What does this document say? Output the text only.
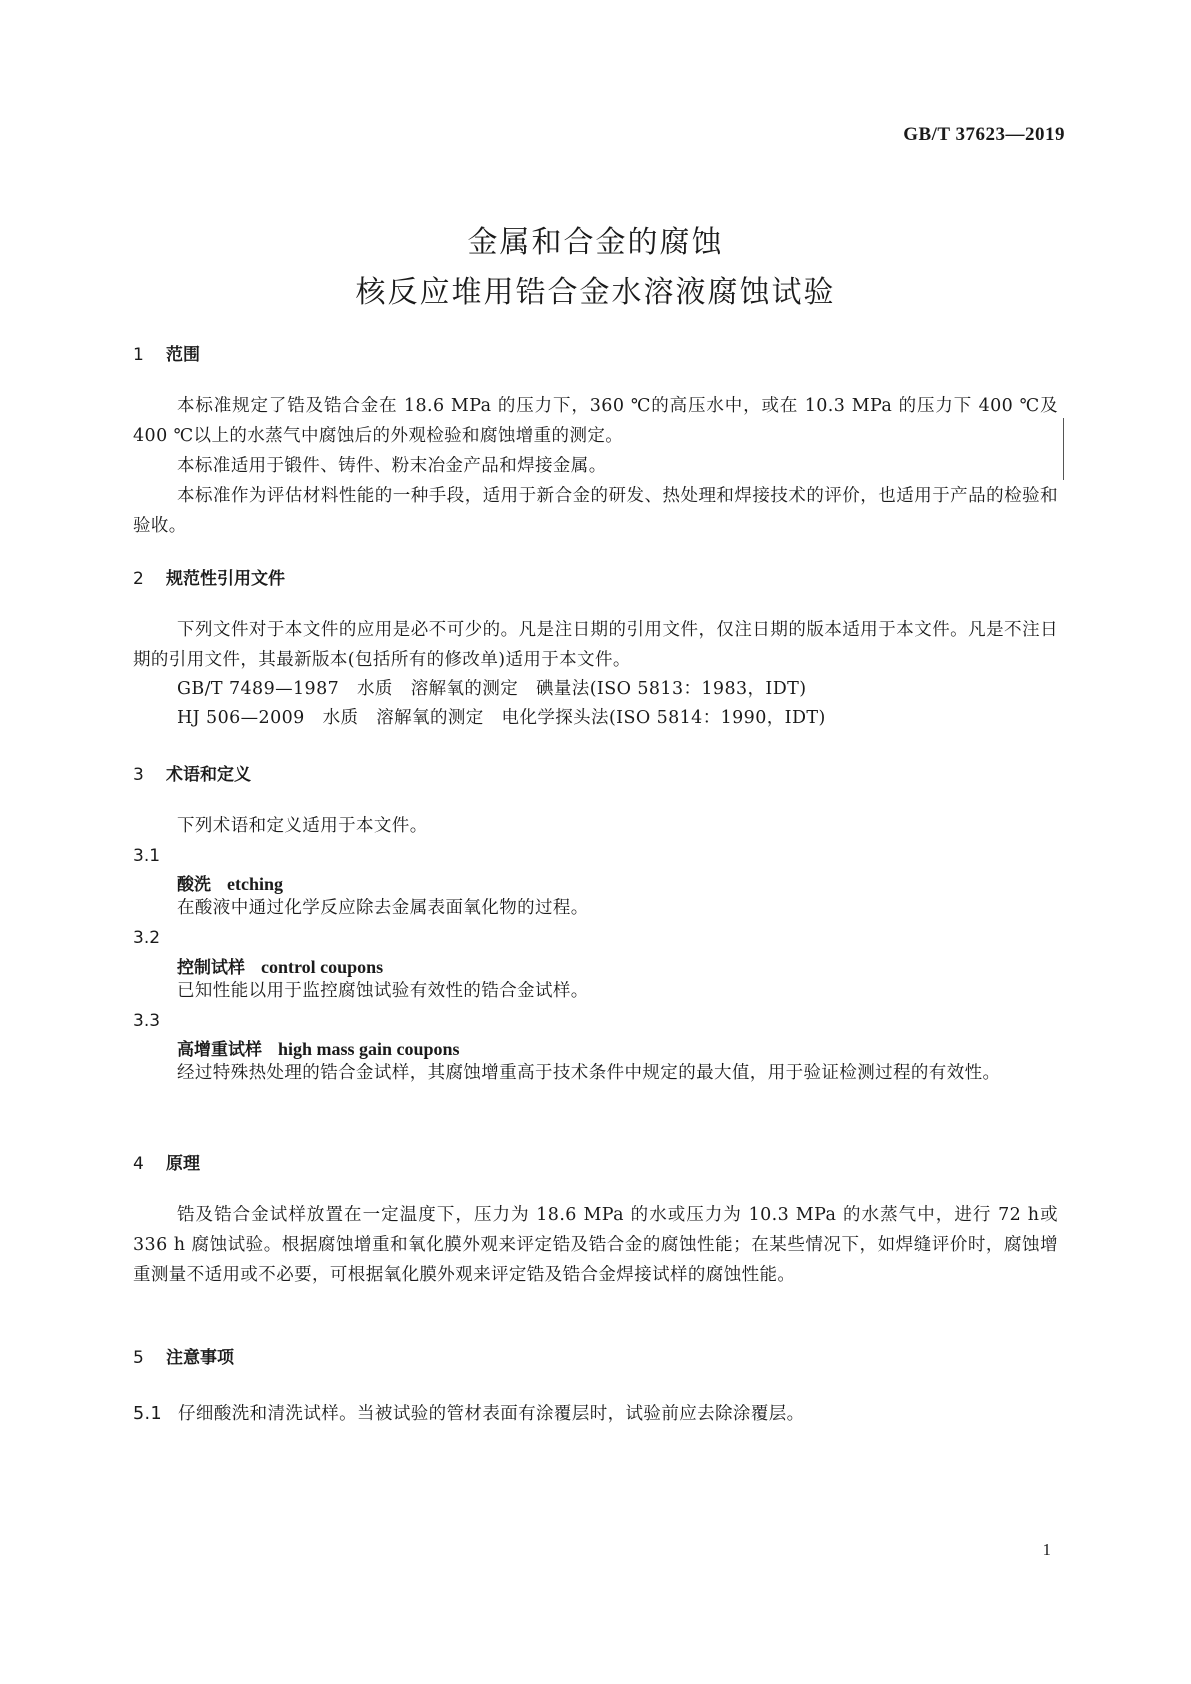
GB/T 37623—2019
金属和合金的腐蚀
核反应堆用锆合金水溶液腐蚀试验
1 范围
本标准规定了锆及锆合金在 18.6 MPa 的压力下，360 ℃的高压水中，或在 10.3 MPa 的压力下 400 ℃及 400 ℃以上的水蒸气中腐蚀后的外观检验和腐蚀增重的测定。
本标准适用于锻件、铸件、粉末冶金产品和焊接金属。
本标准作为评估材料性能的一种手段，适用于新合金的研发、热处理和焊接技术的评价，也适用于产品的检验和验收。
2 规范性引用文件
下列文件对于本文件的应用是必不可少的。凡是注日期的引用文件，仅注日期的版本适用于本文件。凡是不注日期的引用文件，其最新版本(包括所有的修改单)适用于本文件。
GB/T 7489—1987   水质   溶解氧的测定   碘量法(ISO 5813：1983，IDT)
HJ 506—2009   水质   溶解氧的测定   电化学探头法(ISO 5814：1990，IDT)
3 术语和定义
下列术语和定义适用于本文件。
3.1
酸洗 etching
在酸液中通过化学反应除去金属表面氧化物的过程。
3.2
控制试样 control coupons
已知性能以用于监控腐蚀试验有效性的锆合金试样。
3.3
高增重试样 high mass gain coupons
经过特殊热处理的锆合金试样，其腐蚀增重高于技术条件中规定的最大值，用于验证检测过程的有效性。
4 原理
锆及锆合金试样放置在一定温度下，压力为 18.6 MPa 的水或压力为 10.3 MPa 的水蒸气中，进行 72 h或 336 h 腐蚀试验。根据腐蚀增重和氧化膜外观来评定锆及锆合金的腐蚀性能；在某些情况下，如焊缝评价时，腐蚀增重测量不适用或不必要，可根据氧化膜外观来评定锆及锆合金焊接试样的腐蚀性能。
5 注意事项
5.1 仔细酸洗和清洗试样。当被试验的管材表面有涂覆层时，试验前应去除涂覆层。
1
